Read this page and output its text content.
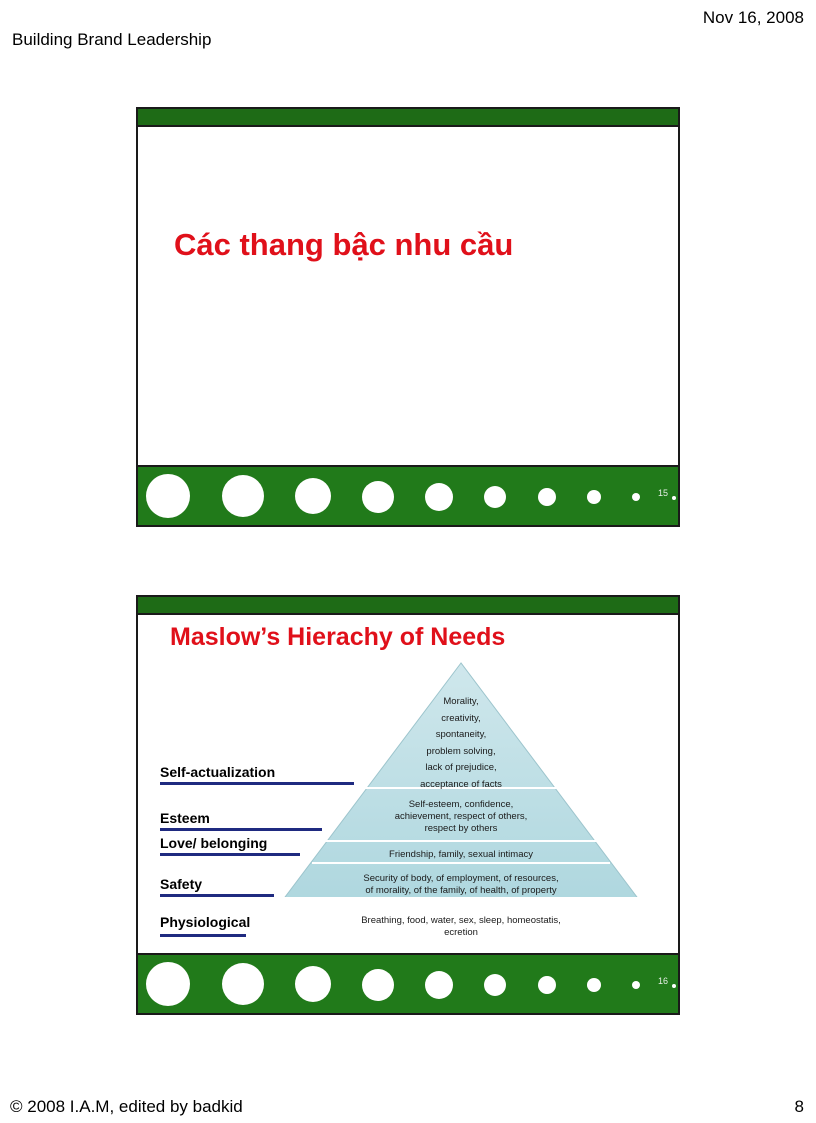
Building Brand Leadership
Nov 16, 2008
Các thang bậc nhu cầu
15
Maslow’s Hierachy of Needs
Morality,
creativity,
spontaneity,
problem solving,
lack of prejudice,
acceptance of facts
Self-esteem, confidence,
achievement, respect of others,
respect by others
Friendship, family, sexual intimacy
Security of body, of employment, of resources,
of morality, of the family, of health, of property
Breathing, food, water, sex, sleep, homeostatis,
ecretion
Self-actualization
Esteem
Love/ belonging
Safety
Physiological
16
© 2008 I.A.M, edited by badkid	8
